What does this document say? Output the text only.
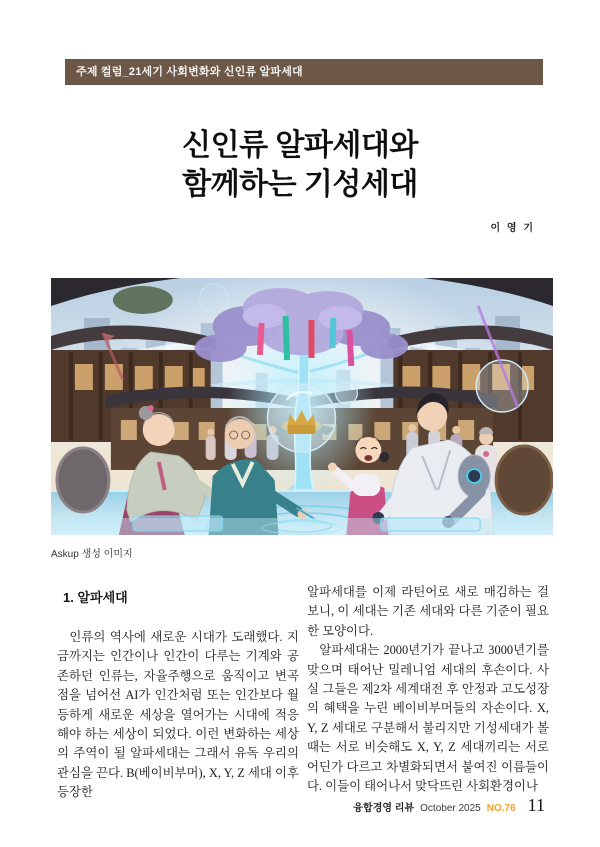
주제 컬럼_21세기 사회변화와 신인류 알파세대
신인류 알파세대와
함께하는 기성세대
이 영 기
Askup 생성 이미지
1. 알파세대

인류의 역사에 새로운 시대가 도래했다. 지금까지는 인간이나 인간이 다루는 기계와 공존하던 인류는, 자율주행으로 움직이고 변곡점을 넘어선 AI가 인간처럼 또는 인간보다 월등하게 새로운 세상을 열어가는 시대에 적응해야 하는 세상이 되었다. 이런 변화하는 세상의 주역이 될 알파세대는 그래서 유독 우리의 관심을 끈다. B(베이비부머), X, Y, Z 세대 이후 등장한

알파세대를 이제 라틴어로 새로 매김하는 걸 보니, 이 세대는 기존 세대와 다른 기준이 필요한 모양이다.

알파세대는 2000년기가 끝나고 3000년기를 맞으며 태어난 밀레니엄 세대의 후손이다. 사실 그들은 제2차 세계대전 후 안정과 고도성장의 혜택을 누린 베이비부머들의 자손이다. X, Y, Z 세대로 구분해서 불리지만 기성세대가 볼 때는 서로 비슷해도 X, Y, Z 세대끼리는 서로 어딘가 다르고 차별화되면서 붙여진 이름들이다. 이들이 태어나서 맞닥뜨린 사회환경이나

융합경영 리뷰 October 2025 NO.76 11
